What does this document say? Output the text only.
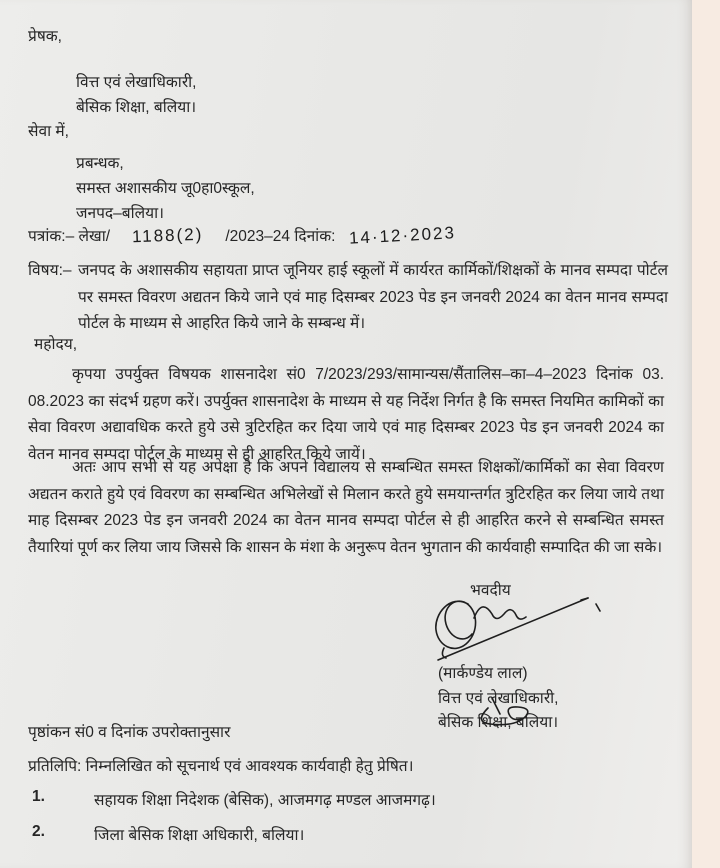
प्रेषक,
वित्त एवं लेखाधिकारी,
बेसिक शिक्षा, बलिया।
सेवा में,
प्रबन्धक,
समस्त अशासकीय जू0हा0स्कूल,
जनपद–बलिया।
पत्रांक:– लेखा/ 1188(2) /2023–24 दिनांक: 14·12·2023
विषय:– जनपद के अशासकीय सहायता प्राप्त जूनियर हाई स्कूलों में कार्यरत कार्मिकों/शिक्षकों के मानव सम्पदा पोर्टल पर समस्त विवरण अद्यतन किये जाने एवं माह दिसम्बर 2023 पेड इन जनवरी 2024 का वेतन मानव सम्पदा पोर्टल के माध्यम से आहरित किये जाने के सम्बन्ध में।
महोदय,
कृपया उपर्युक्त विषयक शासनादेश सं0 7/2023/293/सामान्यस/सैंतालिस–का–4–2023 दिनांक 03. 08.2023 का संदर्भ ग्रहण करें। उपर्युक्त शासनादेश के माध्यम से यह निर्देश निर्गत है कि समस्त नियमित कामिकों का सेवा विवरण अद्यावधिक करते हुये उसे त्रुटिरहित कर दिया जाये एवं माह दिसम्बर 2023 पेड इन जनवरी 2024 का वेतन मानव सम्पदा पोर्टल के माध्यम से ही आहरित किये जायें।
अतः आप सभी से यह अपेक्षा है कि अपने विद्यालय से सम्बन्धित समस्त शिक्षकों/कार्मिकों का सेवा विवरण अद्यतन कराते हुये एवं विवरण का सम्बन्धित अभिलेखों से मिलान करते हुये समयान्तर्गत त्रुटिरहित कर लिया जाये तथा माह दिसम्बर 2023 पेड इन जनवरी 2024 का वेतन मानव सम्पदा पोर्टल से ही आहरित करने से सम्बन्धित समस्त तैयारियां पूर्ण कर लिया जाय जिससे कि शासन के मंशा के अनुरूप वेतन भुगतान की कार्यवाही सम्पादित की जा सके।
भवदीय
(मार्कण्डेय लाल)
वित्त एवं लेखाधिकारी,
बेसिक शिक्षा, बलिया।
पृष्ठांकन सं0 व दिनांक उपरोक्तानुसार
प्रतिलिपि: निम्नलिखित को सूचनार्थ एवं आवश्यक कार्यवाही हेतु प्रेषित।
1.	सहायक शिक्षा निदेशक (बेसिक), आजमगढ़ मण्डल आजमगढ़।
2.	जिला बेसिक शिक्षा अधिकारी, बलिया।
